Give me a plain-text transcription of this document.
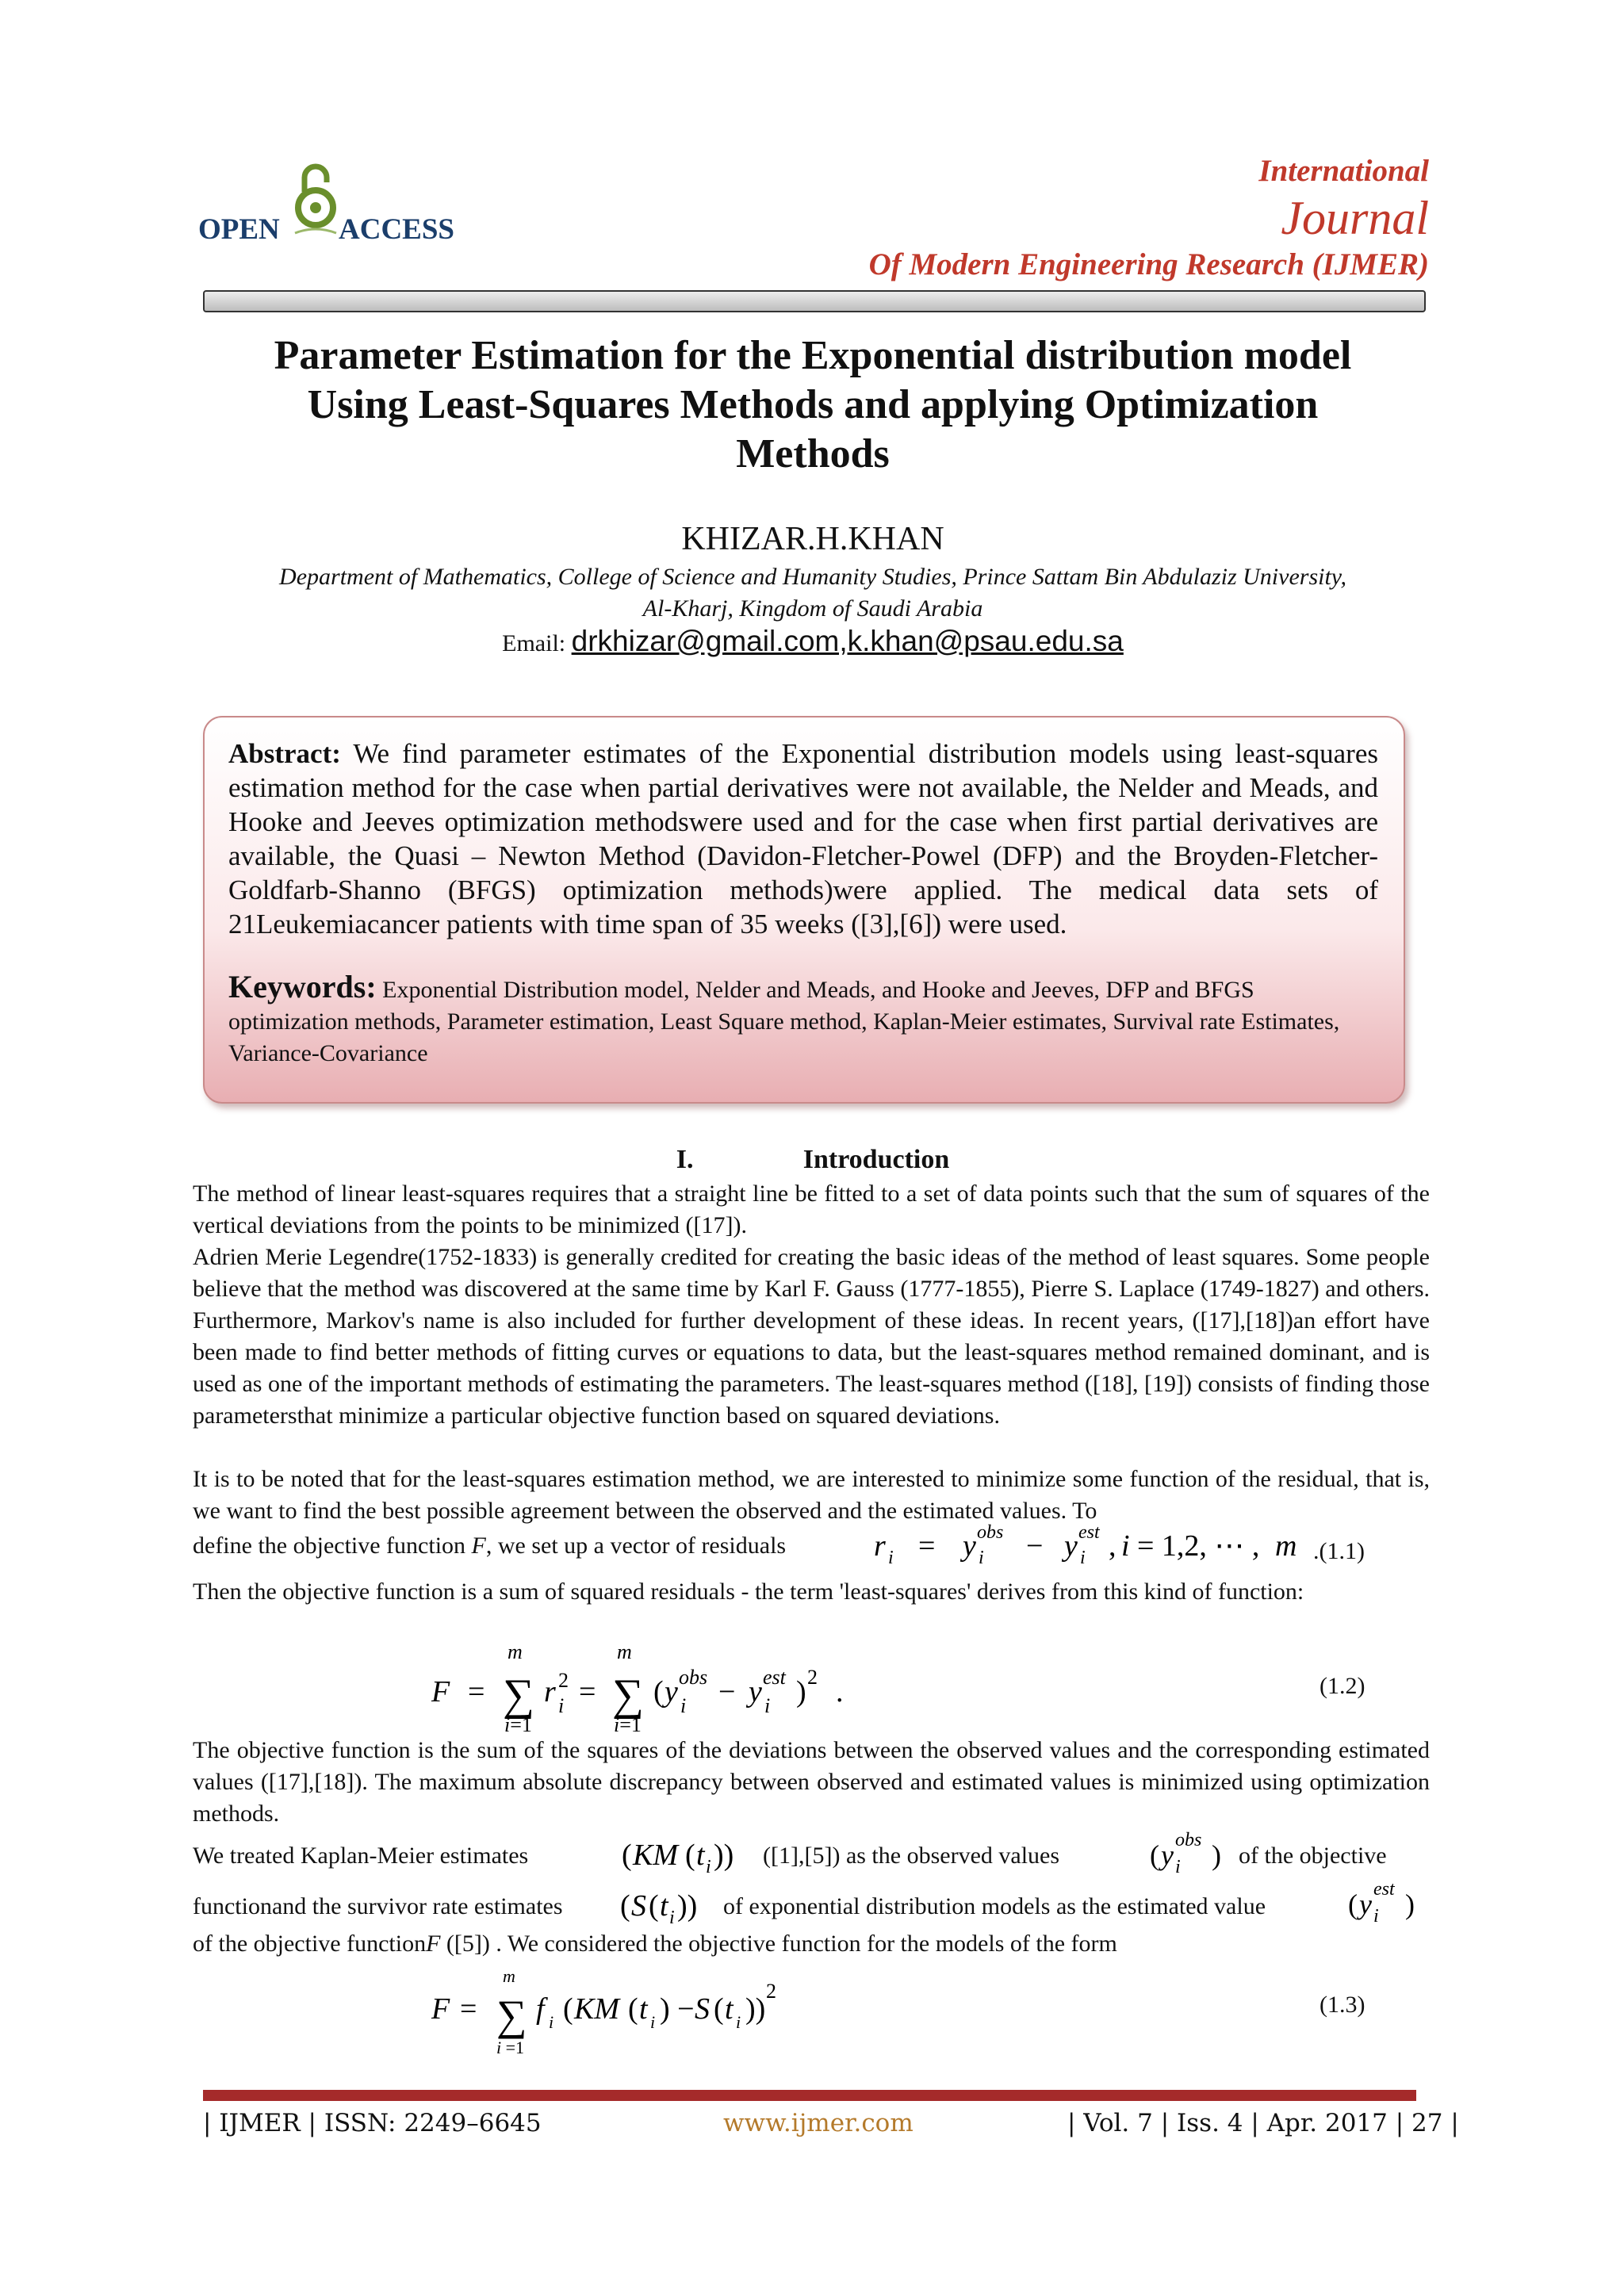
OPEN ACCESS
International
Journal
Of Modern Engineering Research (IJMER)
Parameter Estimation for the Exponential distribution model
Using Least-Squares Methods and applying Optimization
Methods
KHIZAR.H.KHAN
Department of Mathematics, College of Science and Humanity Studies, Prince Sattam Bin Abdulaziz University,
Al-Kharj, Kingdom of Saudi Arabia
Email: drkhizar@gmail.com,k.khan@psau.edu.sa
Abstract: We find parameter estimates of the Exponential distribution models using least-squares estimation method for the case when partial derivatives were not available, the Nelder and Meads, and Hooke and Jeeves optimization methodswere used and for the case when first partial derivatives are available, the Quasi – Newton Method (Davidon-Fletcher-Powel (DFP) and the Broyden-Fletcher-Goldfarb-Shanno (BFGS) optimization methods)were applied. The medical data sets of 21Leukemiacancer patients with time span of 35 weeks ([3],[6]) were used.
Keywords: Exponential Distribution model, Nelder and Meads, and Hooke and Jeeves, DFP and BFGS optimization methods, Parameter estimation, Least Square method, Kaplan-Meier estimates, Survival rate Estimates, Variance-Covariance
I.	Introduction

The method of linear least-squares requires that a straight line be fitted to a set of data points such that the sum of squares of the vertical deviations from the points to be minimized ([17]).

Adrien Merie Legendre(1752-1833) is generally credited for creating the basic ideas of the method of least squares. Some people believe that the method was discovered at the same time by Karl F. Gauss (1777-1855), Pierre S. Laplace (1749-1827) and others. Furthermore, Markov's name is also included for further development of these ideas. In recent years, ([17],[18])an effort have been made to find better methods of fitting curves or equations to data, but the least-squares method remained dominant, and is used as one of the important methods of estimating the parameters. The least-squares method ([18], [19]) consists of finding those parametersthat minimize a particular objective function based on squared deviations.

It is to be noted that for the least-squares estimation method, we are interested to minimize some function of the residual, that is, we want to find the best possible agreement between the observed and the estimated values. To

define the objective function F, we set up a vector of residuals	r i = y obs
i − y est
i , i = 1,2, ⋯ , m .(1.1)

Then the objective function is a sum of squared residuals - the term 'least-squares' derives from this kind of function:

F =
m
∑
i=1
r 2
i =
m
∑
i=1
( y obs
i − y est
i ) 2 .	(1.2)

The objective function is the sum of the squares of the deviations between the observed values and the corresponding estimated values ([17],[18]). The maximum absolute discrepancy between observed and estimated values is minimized using optimization methods.

We treated Kaplan-Meier estimates	( KM ( t i )) ([1],[5]) as the observed values	( y obs
i ) of the objective
functionand the survivor rate estimates ( S ( t i )) of exponential distribution models as the estimated value	( y est
i )
of the objective functionF ([5]) . We considered the objective function for the models of the form
F =
m
∑
i =1
f i ( KM ( t i ) − S ( t i ))
2
(1.3)
| IJMER | ISSN: 2249–6645	www.ijmer.com	| Vol. 7 | Iss. 4 | Apr. 2017 | 27 |
